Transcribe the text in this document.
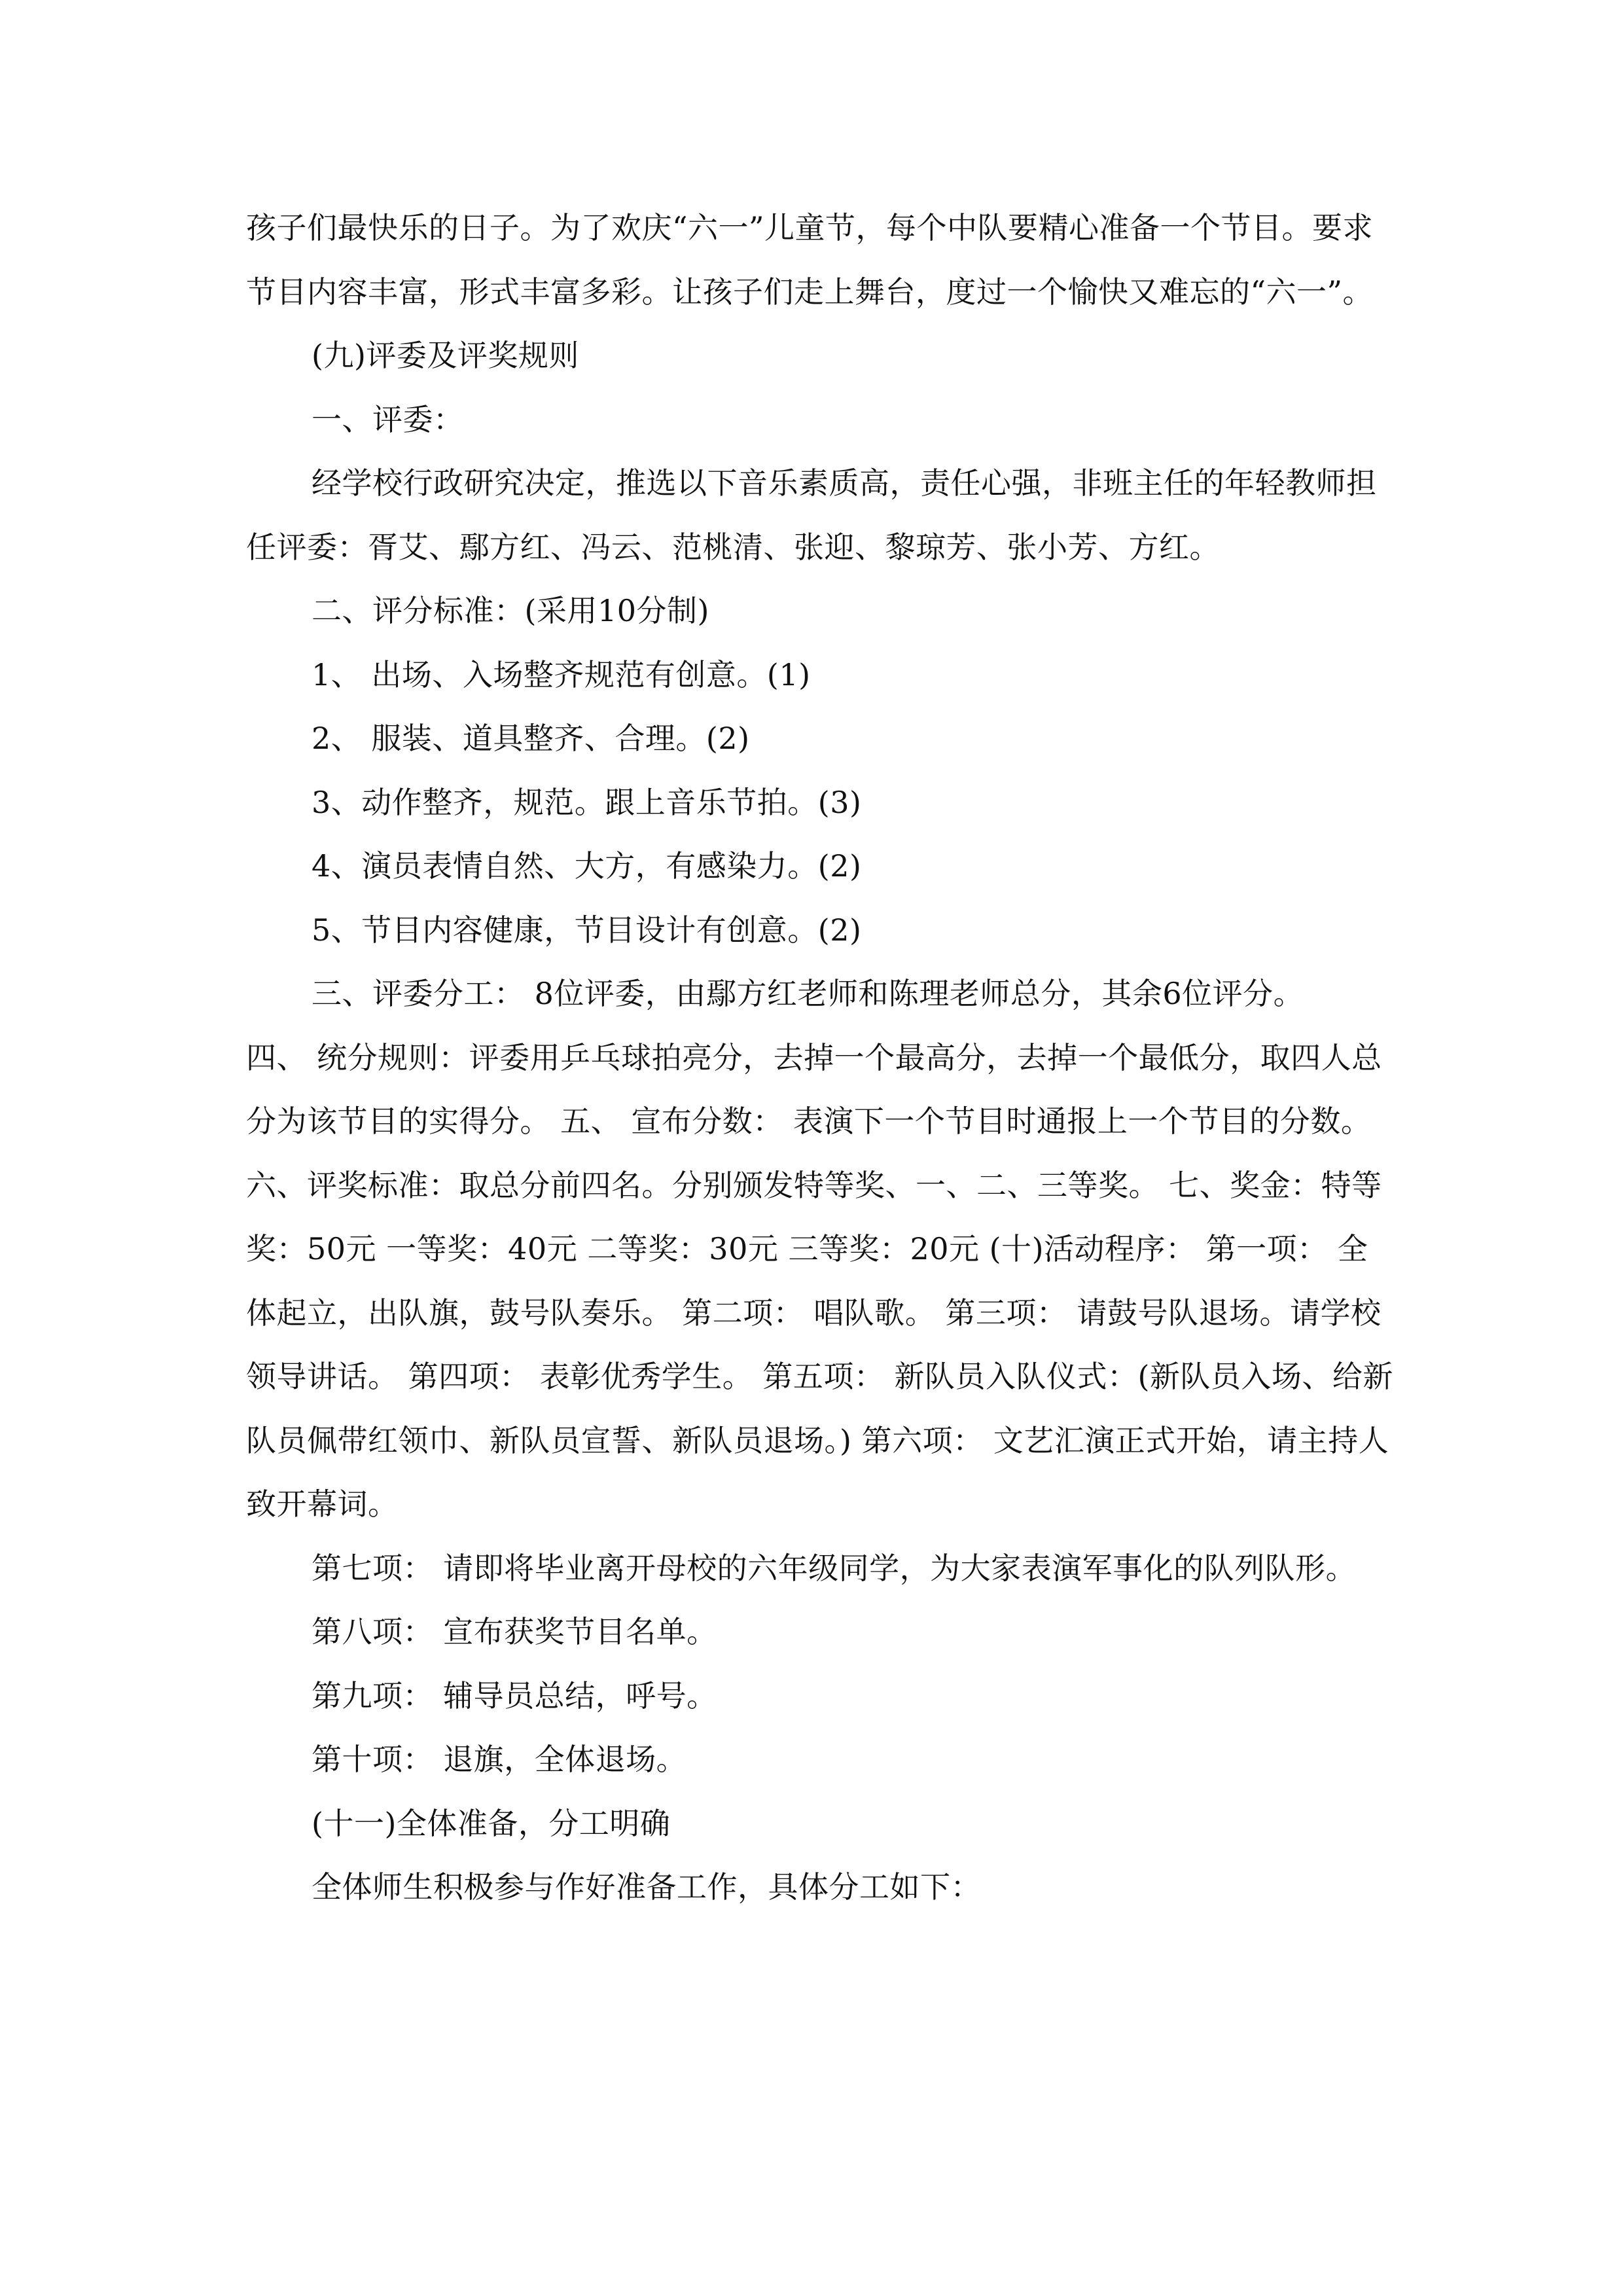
孩子们最快乐的日子。为了欢庆“六一”儿童节，每个中队要精心准备一个节目。要求节目内容丰富，形式丰富多彩。让孩子们走上舞台，度过一个愉快又难忘的“六一”。

(九)评委及评奖规则

一、评委：

经学校行政研究决定，推选以下音乐素质高，责任心强，非班主任的年轻教师担任评委：胥艾、鄢方红、冯云、范桃清、张迎、黎琼芳、张小芳、方红。

二、评分标准：(采用10分制)

1、 出场、入场整齐规范有创意。(1)

2、 服装、道具整齐、合理。(2)

3、动作整齐，规范。跟上音乐节拍。(3)

4、演员表情自然、大方，有感染力。(2)

5、节目内容健康，节目设计有创意。(2)

三、评委分工： 8位评委，由鄢方红老师和陈理老师总分，其余6位评分。

四、 统分规则：评委用乒乓球拍亮分，去掉一个最高分，去掉一个最低分，取四人总分为该节目的实得分。 五、 宣布分数： 表演下一个节目时通报上一个节目的分数。 六、评奖标准：取总分前四名。分别颁发特等奖、一、二、三等奖。 七、奖金：特等奖：50元 一等奖：40元 二等奖：30元 三等奖：20元 (十)活动程序： 第一项： 全体起立，出队旗，鼓号队奏乐。 第二项： 唱队歌。 第三项： 请鼓号队退场。请学校领导讲话。 第四项： 表彰优秀学生。 第五项： 新队员入队仪式：(新队员入场、给新队员佩带红领巾、新队员宣誓、新队员退场。) 第六项： 文艺汇演正式开始，请主持人致开幕词。

第七项： 请即将毕业离开母校的六年级同学，为大家表演军事化的队列队形。

第八项： 宣布获奖节目名单。

第九项： 辅导员总结，呼号。

第十项： 退旗，全体退场。

(十一)全体准备，分工明确

全体师生积极参与作好准备工作，具体分工如下：
